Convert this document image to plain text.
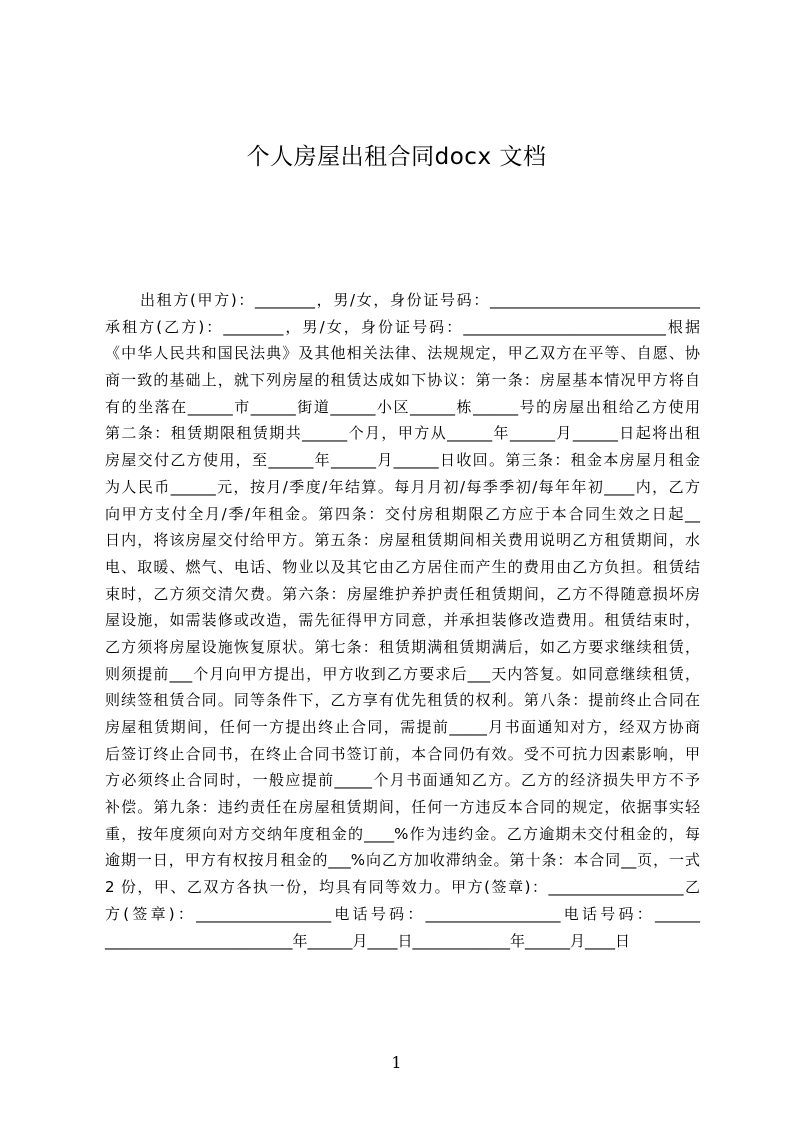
个人房屋出租合同docx 文档
出租方(甲方)：________，男/女，身份证号码：____________________________
承租方(乙方)：________，男/女，身份证号码：___________________________根据
《中华人民共和国民法典》及其他相关法律、法规规定，甲乙双方在平等、自愿、协
商一致的基础上，就下列房屋的租赁达成如下协议：第一条：房屋基本情况甲方将自
有的坐落在______市______街道______小区______栋______号的房屋出租给乙方使用
第二条：租赁期限租赁期共______个月，甲方从______年______月______日起将出租
房屋交付乙方使用，至______年______月______日收回。第三条：租金本房屋月租金
为人民币______元，按月/季度/年结算。每月月初/每季季初/每年年初____内，乙方
向甲方支付全月/季/年租金。第四条：交付房租期限乙方应于本合同生效之日起__
日内，将该房屋交付给甲方。第五条：房屋租赁期间相关费用说明乙方租赁期间，水
电、取暖、燃气、电话、物业以及其它由乙方居住而产生的费用由乙方负担。租赁结
束时，乙方须交清欠费。第六条：房屋维护养护责任租赁期间，乙方不得随意损坏房
屋设施，如需装修或改造，需先征得甲方同意，并承担装修改造费用。租赁结束时，
乙方须将房屋设施恢复原状。第七条：租赁期满租赁期满后，如乙方要求继续租赁，
则须提前___个月向甲方提出，甲方收到乙方要求后___天内答复。如同意继续租赁，
则续签租赁合同。同等条件下，乙方享有优先租赁的权利。第八条：提前终止合同在
房屋租赁期间，任何一方提出终止合同，需提前_____月书面通知对方，经双方协商
后签订终止合同书，在终止合同书签订前，本合同仍有效。受不可抗力因素影响，甲
方必须终止合同时，一般应提前_____个月书面通知乙方。乙方的经济损失甲方不予
补偿。第九条：违约责任在房屋租赁期间，任何一方违反本合同的规定，依据事实轻
重，按年度须向对方交纳年度租金的____%作为违约金。乙方逾期未交付租金的，每
逾期一日，甲方有权按月租金的___%向乙方加收滞纳金。第十条：本合同__页，一式
2 份，甲、乙双方各执一份，均具有同等效力。甲方(签章)：__________________乙
方(签章)：__________________电话号码：__________________电话号码：______
_________________________年______月____日_____________年______月____日
1
